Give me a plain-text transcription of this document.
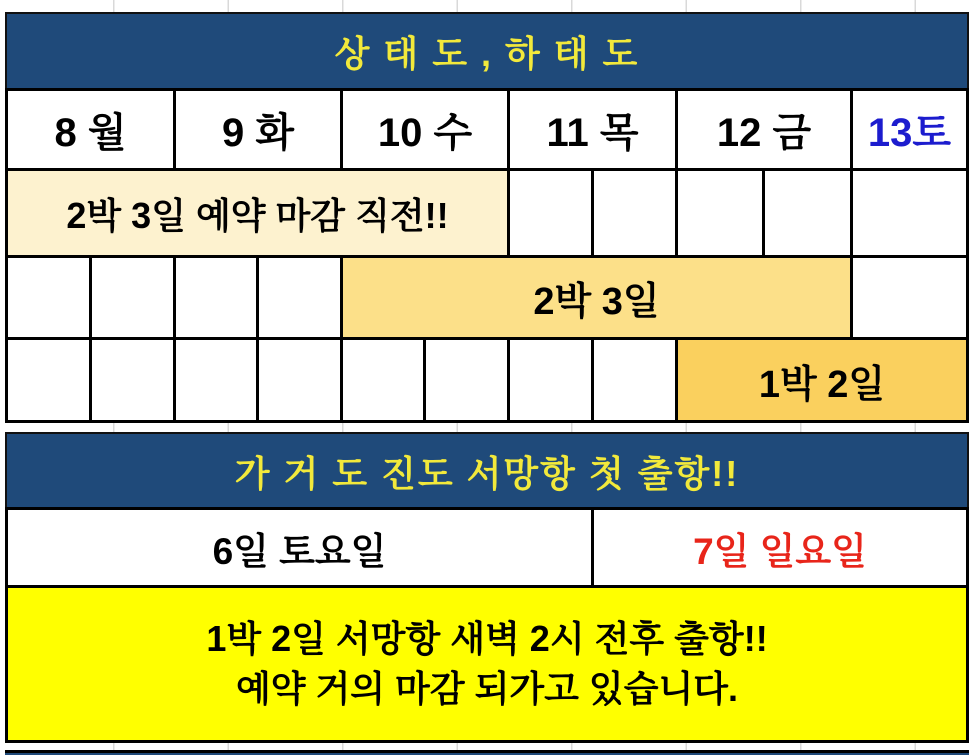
상 태 도 , 하 태 도
8 월 9 화 10 수 11 목 12 금 13토
2박 3일 예약 마감 직전!!
2박 3일
1박 2일
가 거 도 진도 서망항 첫 출항!!
6일 토요일	7일 일요일
1박 2일 서망항 새벽 2시 전후 출항!!
예약 거의 마감 되가고 있습니다.
